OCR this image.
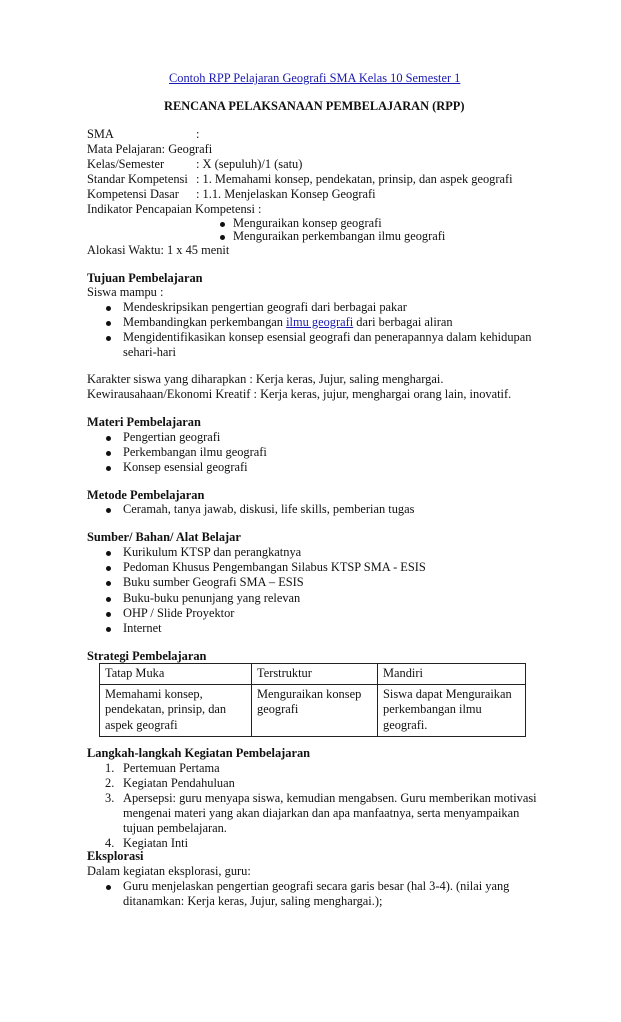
Contoh RPP Pelajaran Geografi SMA Kelas 10 Semester 1
RENCANA PELAKSANAAN PEMBELAJARAN (RPP)
SMA	:
Mata Pelajaran: Geografi
Kelas/Semester	: X (sepuluh)/1 (satu)
Standar Kompetensi : 1. Memahami konsep, pendekatan, prinsip, dan aspek geografi
Kompetensi Dasar : 1.1. Menjelaskan Konsep Geografi
Indikator Pencapaian Kompetensi :
Menguraikan konsep geografi
Menguraikan perkembangan ilmu geografi
Alokasi Waktu: 1 x 45 menit
Tujuan Pembelajaran
Siswa mampu :
Mendeskripsikan pengertian geografi dari berbagai pakar
Membandingkan perkembangan ilmu geografi dari berbagai aliran
Mengidentifikasikan konsep esensial geografi dan penerapannya dalam kehidupan
sehari-hari
Karakter siswa yang diharapkan : Kerja keras, Jujur, saling menghargai.
Kewirausahaan/Ekonomi Kreatif : Kerja keras, jujur, menghargai orang lain, inovatif.
Materi Pembelajaran
Pengertian geografi
Perkembangan ilmu geografi
Konsep esensial geografi
Metode Pembelajaran
Ceramah, tanya jawab, diskusi, life skills, pemberian tugas
Sumber/ Bahan/ Alat Belajar
Kurikulum KTSP dan perangkatnya
Pedoman Khusus Pengembangan Silabus KTSP SMA - ESIS
Buku sumber Geografi SMA – ESIS
Buku-buku penunjang yang relevan
OHP / Slide Proyektor
Internet
Strategi Pembelajaran
Tatap Muka	Terstruktur	Mandiri
Memahami konsep, pendekatan, prinsip, dan aspek geografi	Menguraikan konsep geografi	Siswa dapat Menguraikan perkembangan ilmu geografi.
Langkah-langkah Kegiatan Pembelajaran
1. Pertemuan Pertama
2. Kegiatan Pendahuluan
3. Apersepsi: guru menyapa siswa, kemudian mengabsen. Guru memberikan motivasi
mengenai materi yang akan diajarkan dan apa manfaatnya, serta menyampaikan
tujuan pembelajaran.
4. Kegiatan Inti
Eksplorasi
Dalam kegiatan eksplorasi, guru:
Guru menjelaskan pengertian geografi secara garis besar (hal 3-4). (nilai yang
ditanamkan: Kerja keras, Jujur, saling menghargai.);
